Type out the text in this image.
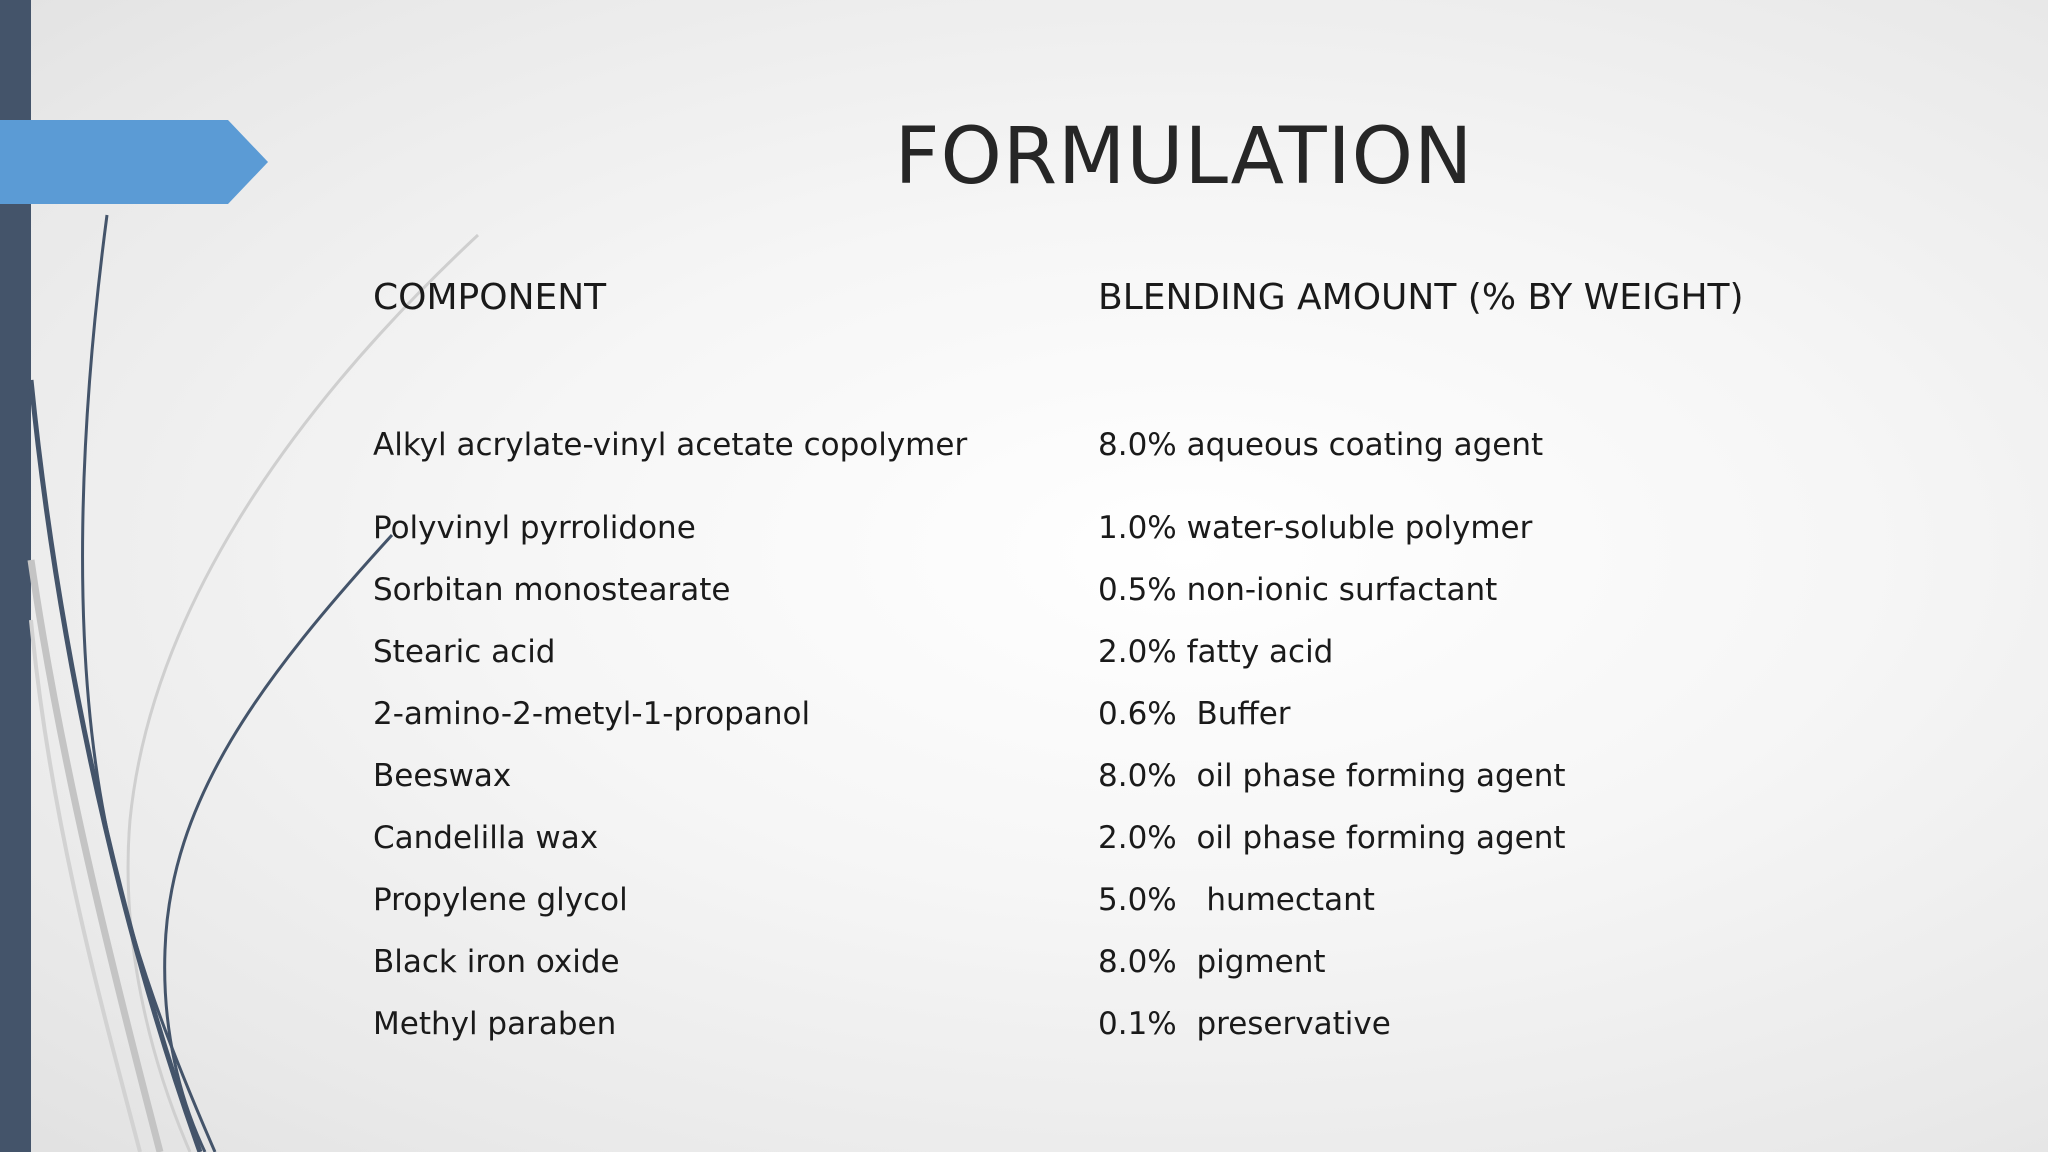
FORMULATION
COMPONENT	BLENDING AMOUNT (% BY WEIGHT)
Alkyl acrylate-vinyl acetate copolymer	8.0% aqueous coating agent
Polyvinyl pyrrolidone	1.0% water-soluble polymer
Sorbitan monostearate	0.5% non-ionic surfactant
Stearic acid	2.0% fatty acid
2-amino-2-metyl-1-propanol	0.6%  Buffer
Beeswax	8.0%  oil phase forming agent
Candelilla wax	2.0%  oil phase forming agent
Propylene glycol	5.0%   humectant
Black iron oxide	8.0%  pigment
Methyl paraben	0.1%  preservative
